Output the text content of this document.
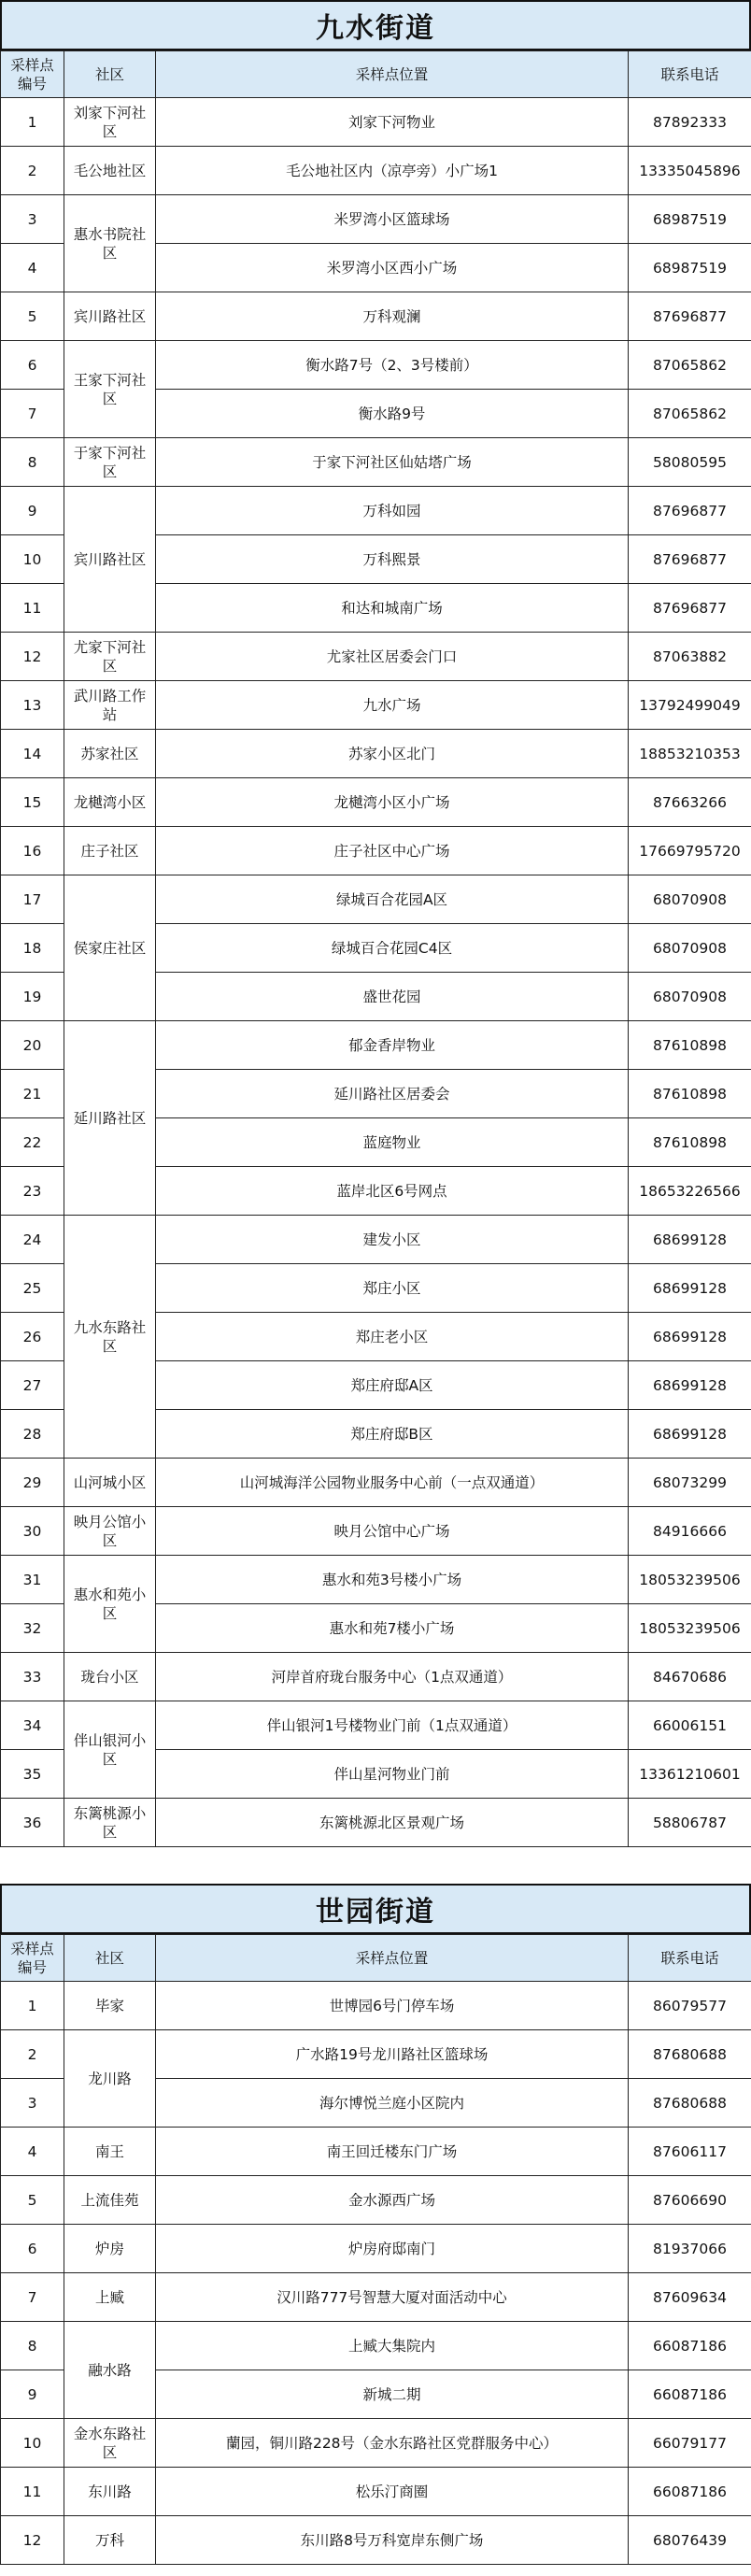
九水街道
采样点编号	社区	采样点位置	联系电话
1	刘家下河社区	刘家下河物业	87892333
2	毛公地社区	毛公地社区内（凉亭旁）小广场1	13335045896
3	惠水书院社区	米罗湾小区篮球场	68987519
4		米罗湾小区西小广场	68987519
5	宾川路社区	万科观澜	87696877
6	王家下河社区	衡水路7号（2、3号楼前）	87065862
7		衡水路9号	87065862
8	于家下河社区	于家下河社区仙姑塔广场	58080595
9	宾川路社区	万科如园	87696877
10		万科熙景	87696877
11		和达和城南广场	87696877
12	尤家下河社区	尤家社区居委会门口	87063882
13	武川路工作站	九水广场	13792499049
14	苏家社区	苏家小区北门	18853210353
15	龙樾湾小区	龙樾湾小区小广场	87663266
16	庄子社区	庄子社区中心广场	17669795720
17	侯家庄社区	绿城百合花园A区	68070908
18		绿城百合花园C4区	68070908
19		盛世花园	68070908
20	延川路社区	郁金香岸物业	87610898
21		延川路社区居委会	87610898
22		蓝庭物业	87610898
23		蓝岸北区6号网点	18653226566
24	九水东路社区	建发小区	68699128
25		郑庄小区	68699128
26		郑庄老小区	68699128
27		郑庄府邸A区	68699128
28		郑庄府邸B区	68699128
29	山河城小区	山河城海洋公园物业服务中心前（一点双通道）	68073299
30	映月公馆小区	映月公馆中心广场	84916666
31	惠水和苑小区	惠水和苑3号楼小广场	18053239506
32		惠水和苑7楼小广场	18053239506
33	珑台小区	河岸首府珑台服务中心（1点双通道）	84670686
34	伴山银河小区	伴山银河1号楼物业门前（1点双通道）	66006151
35		伴山星河物业门前	13361210601
36	东篱桃源小区	东篱桃源北区景观广场	58806787
世园街道
采样点编号	社区	采样点位置	联系电话
1	毕家	世博园6号门停车场	86079577
2	龙川路	广水路19号龙川路社区篮球场	87680688
3		海尔博悦兰庭小区院内	87680688
4	南王	南王回迁楼东门广场	87606117
5	上流佳苑	金水源西广场	87606690
6	炉房	炉房府邸南门	81937066
7	上臧	汉川路777号智慧大厦对面活动中心	87609634
8	融水路	上臧大集院内	66087186
9		新城二期	66087186
10	金水东路社区	蘭园，铜川路228号（金水东路社区党群服务中心）	66079177
11	东川路	松乐汀商圈	66087186
12	万科	东川路8号万科宽岸东侧广场	68076439
